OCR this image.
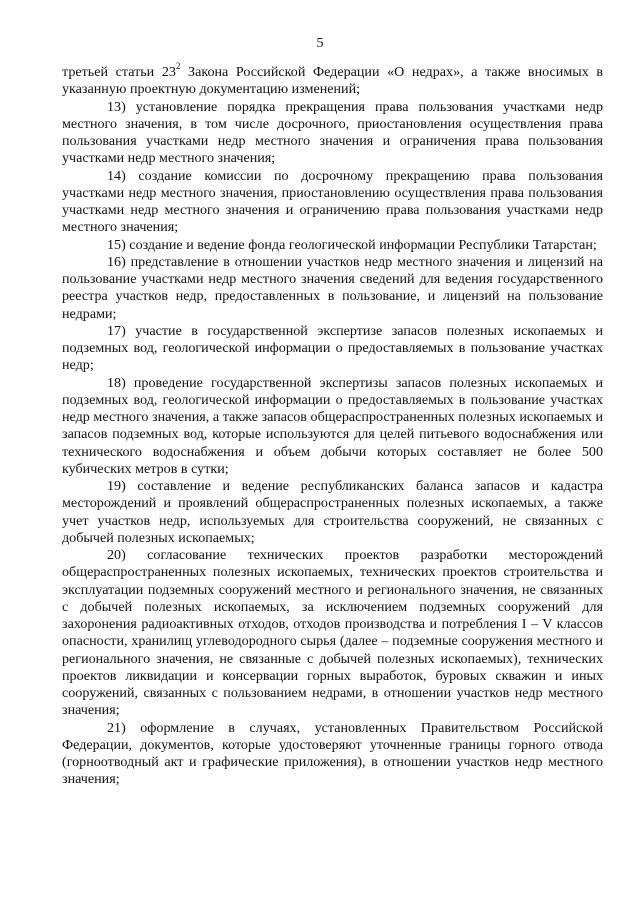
5

третьей статьи $23^2$ Закона Российской Федерации «О недрах», а также вносимых в указанную проектную документацию изменений;

13) установление порядка прекращения права пользования участками недр местного значения, в том числе досрочного, приостановления осуществления права пользования участками недр местного значения и ограничения права пользования участками недр местного значения;

14) создание комиссии по досрочному прекращению права пользования участками недр местного значения, приостановлению осуществления права пользования участками недр местного значения и ограничению права пользования участками недр местного значения;

15) создание и ведение фонда геологической информации Республики Татарстан;

16) представление в отношении участков недр местного значения и лицензий на пользование участками недр местного значения сведений для ведения государственного реестра участков недр, предоставленных в пользование, и лицензий на пользование недрами;

17) участие в государственной экспертизе запасов полезных ископаемых и подземных вод, геологической информации о предоставляемых в пользование участках недр;

18) проведение государственной экспертизы запасов полезных ископаемых и подземных вод, геологической информации о предоставляемых в пользование участках недр местного значения, а также запасов общераспространенных полезных ископаемых и запасов подземных вод, которые используются для целей питьевого водоснабжения или технического водоснабжения и объем добычи которых составляет не более 500 кубических метров в сутки;

19) составление и ведение республиканских баланса запасов и кадастра месторождений и проявлений общераспространенных полезных ископаемых, а также учет участков недр, используемых для строительства сооружений, не связанных с добычей полезных ископаемых;

20) согласование технических проектов разработки месторождений общераспространенных полезных ископаемых, технических проектов строительства и эксплуатации подземных сооружений местного и регионального значения, не связанных с добычей полезных ископаемых, за исключением подземных сооружений для захоронения радиоактивных отходов, отходов производства и потребления I – V классов опасности, хранилищ углеводородного сырья (далее – подземные сооружения местного и регионального значения, не связанные с добычей полезных ископаемых), технических проектов ликвидации и консервации горных выработок, буровых скважин и иных сооружений, связанных с пользованием недрами, в отношении участков недр местного значения;

21) оформление в случаях, установленных Правительством Российской Федерации, документов, которые удостоверяют уточненные границы горного отвода (горноотводный акт и графические приложения), в отношении участков недр местного значения;
